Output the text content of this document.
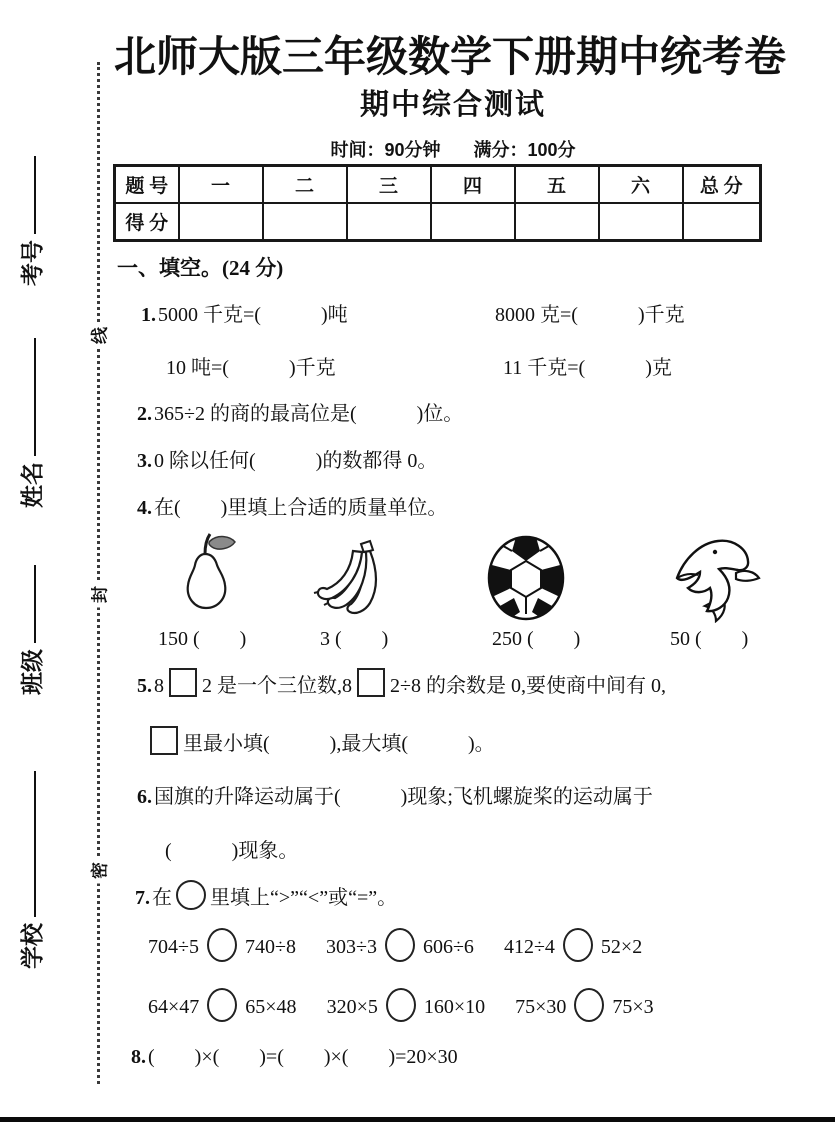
线
封
密
考号
姓名
班级
学校
北师大版三年级数学下册期中统考卷
期中综合测试
时间：90分钟 满分：100分
题 号	一	二	三	四	五	六	总 分
得 分							
一、填空。(24 分)
1. 5000 千克=(　　　)吨	8000 克=(　　　)千克
10 吨=(　　　)千克	11 千克=(　　　)克
2. 365÷2 的商的最高位是(　　　)位。
3. 0 除以任何(　　　)的数都得 0。
4. 在(　　)里填上合适的质量单位。
150 (　　)	3 (　　)	250 (　　)	50 (　　)
5. 8 2 是一个三位数,8 2÷8 的余数是 0,要使商中间有 0,
里最小填(　　　),最大填(　　　)。
6. 国旗的升降运动属于(　　　)现象;飞机螺旋桨的运动属于
(　　　)现象。
7. 在 里填上“>”“<”或“=”。
704÷5 740÷8 303÷3 606÷6 412÷4 52×2
64×47 65×48 320×5 160×10 75×30 75×3
8. (　　)×(　　)=(　　)×(　　)=20×30
